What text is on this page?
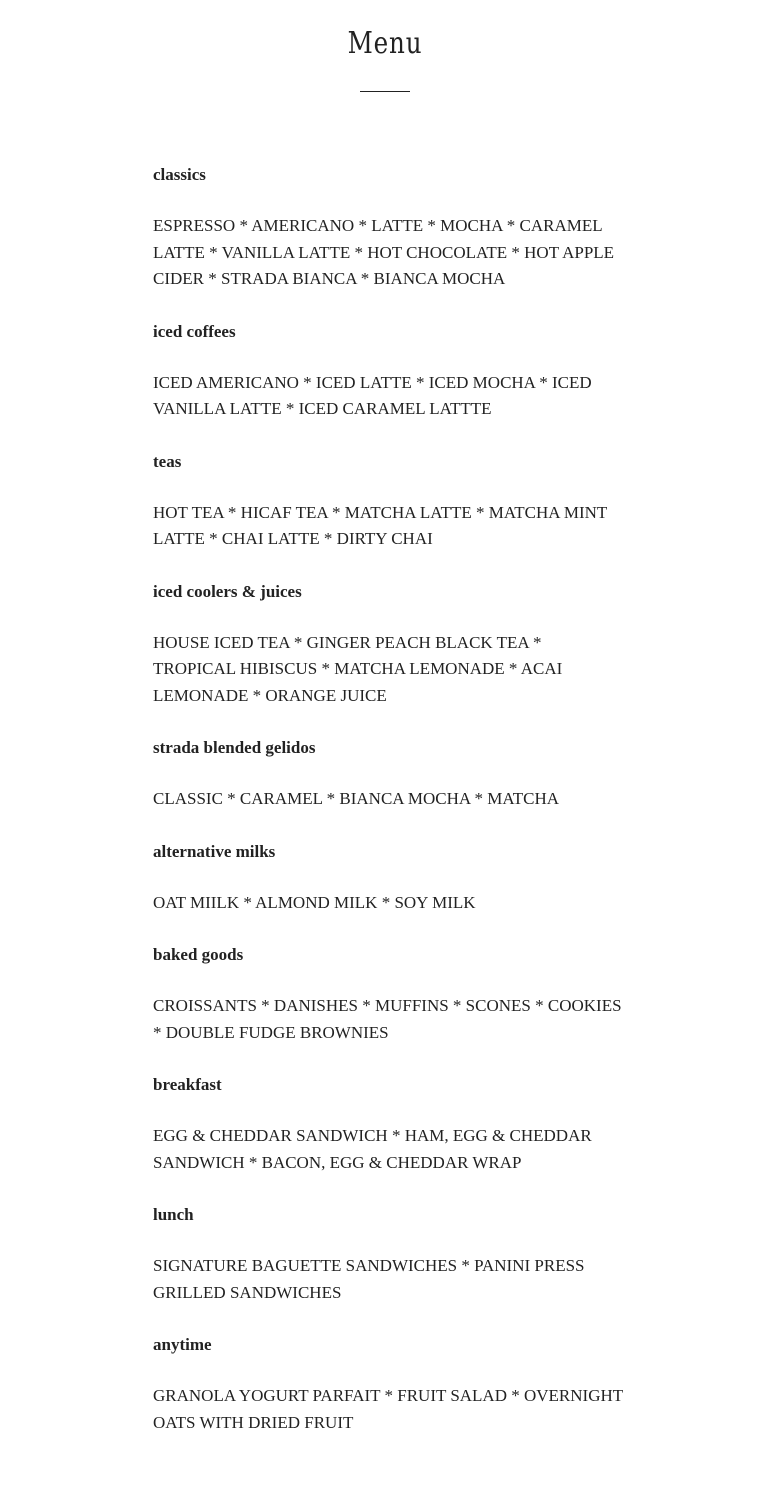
Menu
classics
ESPRESSO * AMERICANO * LATTE * MOCHA * CARAMEL LATTE * VANILLA LATTE * HOT CHOCOLATE * HOT APPLE CIDER * STRADA BIANCA * BIANCA MOCHA
iced coffees
ICED AMERICANO * ICED LATTE * ICED MOCHA * ICED VANILLA LATTE * ICED CARAMEL LATTTE
teas
HOT TEA * HICAF TEA * MATCHA LATTE * MATCHA MINT LATTE * CHAI LATTE * DIRTY CHAI
iced coolers & juices
HOUSE ICED TEA * GINGER PEACH BLACK TEA * TROPICAL HIBISCUS * MATCHA LEMONADE * ACAI LEMONADE * ORANGE JUICE
strada blended gelidos
CLASSIC * CARAMEL * BIANCA MOCHA * MATCHA
alternative milks
OAT MIILK * ALMOND MILK * SOY MILK
baked goods
CROISSANTS * DANISHES * MUFFINS * SCONES * COOKIES * DOUBLE FUDGE BROWNIES
breakfast
EGG & CHEDDAR SANDWICH * HAM, EGG & CHEDDAR SANDWICH * BACON, EGG & CHEDDAR WRAP
lunch
SIGNATURE BAGUETTE SANDWICHES * PANINI PRESS GRILLED SANDWICHES
anytime
GRANOLA YOGURT PARFAIT * FRUIT SALAD * OVERNIGHT OATS WITH DRIED FRUIT
